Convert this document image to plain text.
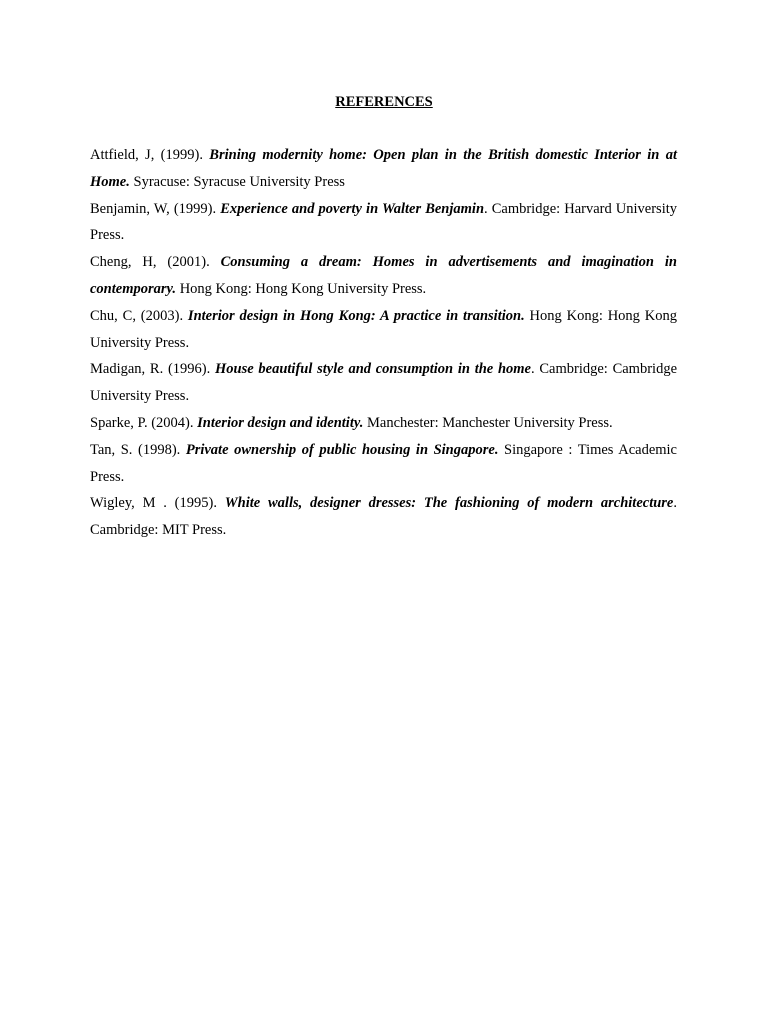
REFERENCES
Attfield, J, (1999). Brining modernity home: Open plan in the British domestic Interior in at Home. Syracuse: Syracuse University Press
Benjamin, W, (1999). Experience and poverty in Walter Benjamin. Cambridge: Harvard University Press.
Cheng, H, (2001). Consuming a dream: Homes in advertisements and imagination in contemporary. Hong Kong: Hong Kong University Press.
Chu, C, (2003). Interior design in Hong Kong: A practice in transition. Hong Kong: Hong Kong University Press.
Madigan, R. (1996). House beautiful style and consumption in the home. Cambridge: Cambridge University Press.
Sparke, P. (2004). Interior design and identity. Manchester: Manchester University Press.
Tan, S. (1998). Private ownership of public housing in Singapore. Singapore : Times Academic Press.
Wigley, M . (1995). White walls, designer dresses: The fashioning of modern architecture. Cambridge: MIT Press.
